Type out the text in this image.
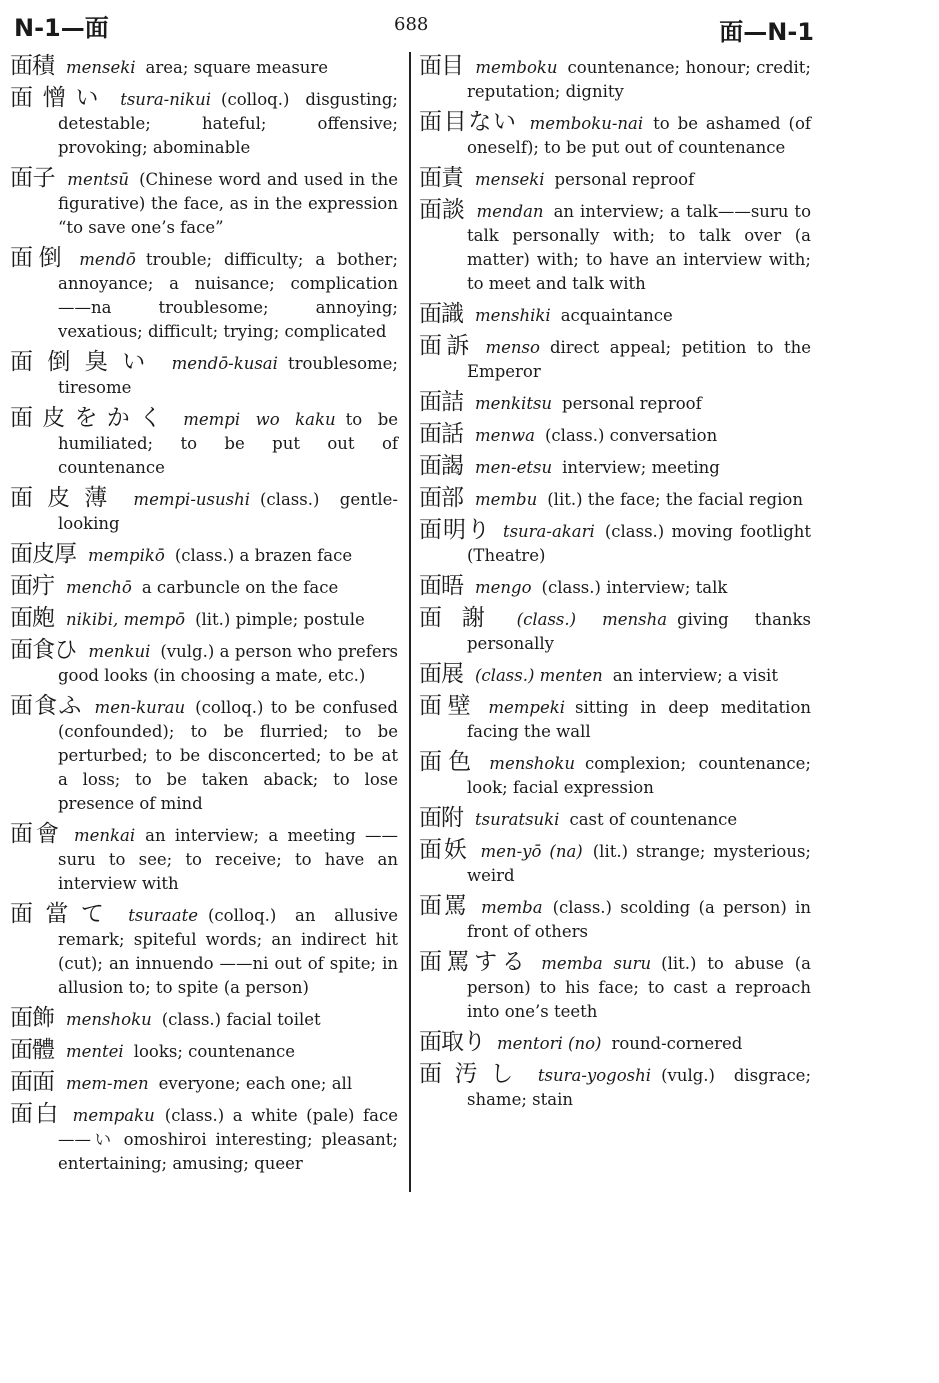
N-1—面	688	面—N-1
面積 menseki area; square measure
面憎い tsura-nikui (colloq.) disgusting; detestable; hateful; offensive; provoking; abominable
面子 mentsū (Chinese word and used in the figurative) the face, as in the expression “to save one’s face”
面倒 mendō trouble; difficulty; a bother; annoyance; a nuisance; complication ——na troublesome; annoying; vexatious; difficult; trying; complicated
面倒臭い mendō-kusai troublesome; tiresome
面皮をかく mempi wo kaku to be humiliated; to be put out of countenance
面皮薄 mempi-usushi (class.) gentle-looking
面皮厚 mempikō (class.) a brazen face
面疔 menchō a carbuncle on the face
面皰 nikibi, mempō (lit.) pimple; postule
面食ひ menkui (vulg.) a person who prefers good looks (in choosing a mate, etc.)
面食ふ men-kurau (colloq.) to be confused (confounded); to be flurried; to be perturbed; to be disconcerted; to be at a loss; to be taken aback; to lose presence of mind
面會 menkai an interview; a meeting ——suru to see; to receive; to have an interview with
面當て tsuraate (colloq.) an allusive remark; spiteful words; an indirect hit (cut); an innuendo ——ni out of spite; in allusion to; to spite (a person)
面飾 menshoku (class.) facial toilet
面體 mentei looks; countenance
面面 mem-men everyone; each one; all
面白 mempaku (class.) a white (pale) face——い omoshiroi interesting; pleasant; entertaining; amusing; queer
面目 memboku countenance; honour; credit; reputation; dignity
面目ない memboku-nai to be ashamed (of oneself); to be put out of countenance
面責 menseki personal reproof
面談 mendan an interview; a talk——suru to talk personally with; to talk over (a matter) with; to have an interview with; to meet and talk with
面識 menshiki acquaintance
面訴 menso direct appeal; petition to the Emperor
面詰 menkitsu personal reproof
面話 menwa (class.) conversation
面謁 men-etsu interview; meeting
面部 membu (lit.) the face; the facial region
面明り tsura-akari (class.) moving footlight (Theatre)
面晤 mengo (class.) interview; talk
面謝 (class.) mensha giving thanks personally
面展 (class.) menten an interview; a visit
面壁 mempeki sitting in deep meditation facing the wall
面色 menshoku complexion; countenance; look; facial expression
面附 tsuratsuki cast of countenance
面妖 men-yō (na) (lit.) strange; mysterious; weird
面罵 memba (class.) scolding (a person) in front of others
面罵する memba suru (lit.) to abuse (a person) to his face; to cast a reproach into one’s teeth
面取り mentori (no) round-cornered
面汚し tsura-yogoshi (vulg.) disgrace; shame; stain
